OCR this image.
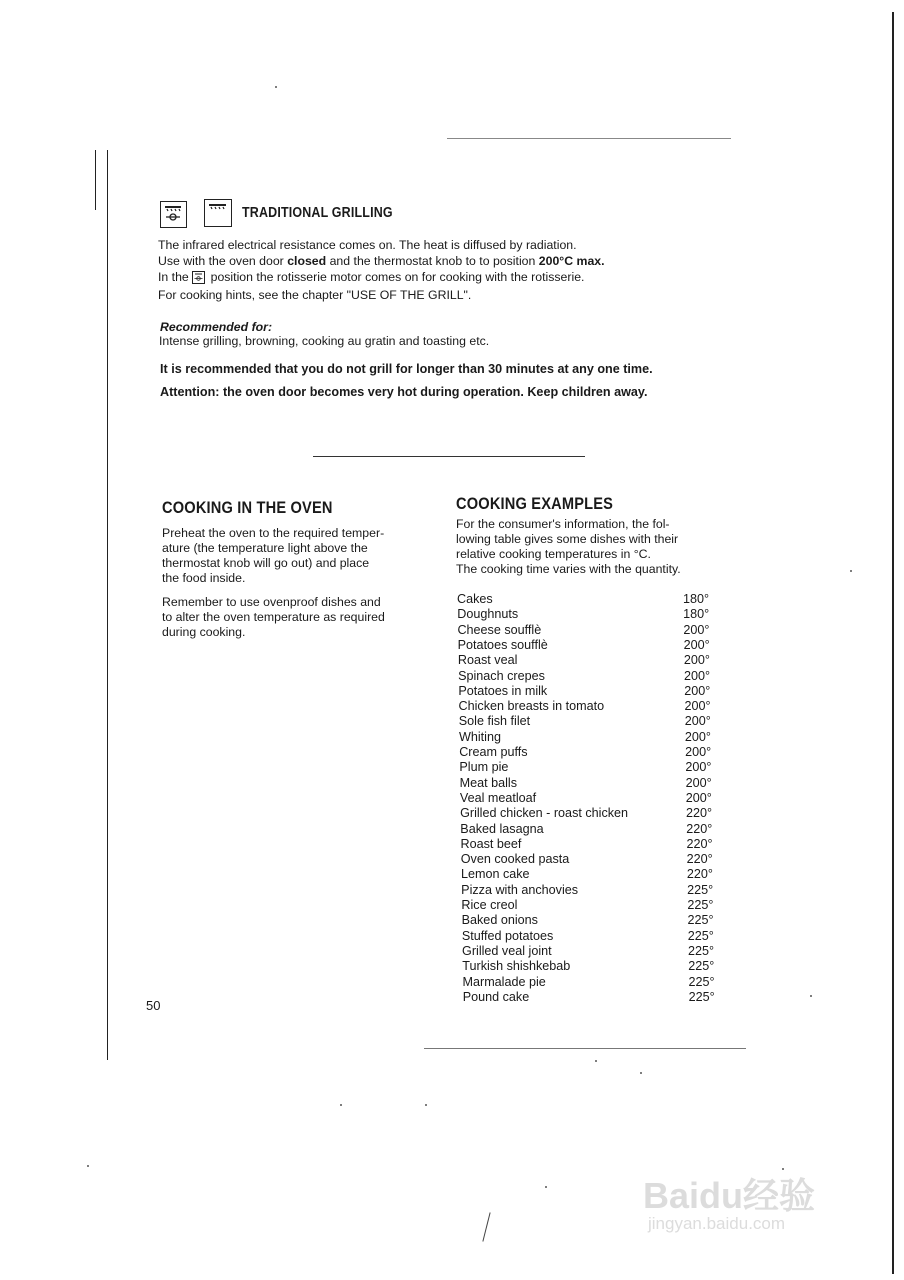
TRADITIONAL GRILLING
The infrared electrical resistance comes on. The heat is diffused by radiation.
Use with the oven door closed and the thermostat knob to to position 200°C max.
In the  position the rotisserie motor comes on for cooking with the rotisserie.
For cooking hints, see the chapter "USE OF THE GRILL".
Recommended for:
Intense grilling, browning, cooking au gratin and toasting etc.
It is recommended that you do not grill for longer than 30 minutes at any one time.
Attention: the oven door becomes very hot during operation. Keep children away.
COOKING IN THE OVEN
Preheat the oven to the required temper-
ature (the temperature light above the
thermostat knob will go out) and place
the food inside.
Remember to use ovenproof dishes and
to alter the oven temperature as required
during cooking.
COOKING EXAMPLES
For the consumer's information, the fol-
lowing table gives some dishes with their
relative cooking temperatures in °C.
The cooking time varies with the quantity.
Cakes	180°
Doughnuts	180°
Cheese soufflè	200°
Potatoes soufflè	200°
Roast veal	200°
Spinach crepes	200°
Potatoes in milk	200°
Chicken breasts in tomato	200°
Sole fish filet	200°
Whiting	200°
Cream puffs	200°
Plum pie	200°
Meat balls	200°
Veal meatloaf	200°
Grilled chicken - roast chicken	220°
Baked lasagna	220°
Roast beef	220°
Oven cooked pasta	220°
Lemon cake	220°
Pizza with anchovies	225°
Rice creol	225°
Baked onions	225°
Stuffed potatoes	225°
Grilled veal joint	225°
Turkish shishkebab	225°
Marmalade pie	225°
Pound cake	225°
50
Baidu经验
jingyan.baidu.com
